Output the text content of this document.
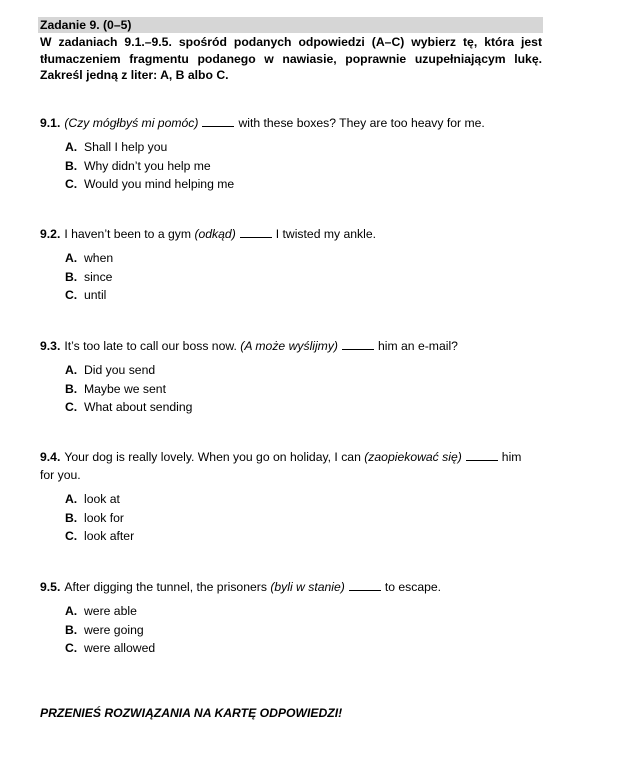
Zadanie 9. (0–5)
W zadaniach 9.1.–9.5. spośród podanych odpowiedzi (A–C) wybierz tę, która jest tłumaczeniem fragmentu podanego w nawiasie, poprawnie uzupełniającym lukę. Zakreśl jedną z liter: A, B albo C.
9.1. (Czy mógłbyś mi pomóc)	with these boxes? They are too heavy for me.
A. Shall I help you
B. Why didn’t you help me
C. Would you mind helping me
9.2. I haven’t been to a gym (odkąd)	I twisted my ankle.
A. when
B. since
C. until
9.3. It’s too late to call our boss now. (A może wyślijmy)	him an e-mail?
A. Did you send
B. Maybe we sent
C. What about sending
9.4. Your dog is really lovely. When you go on holiday, I can (zaopiekować się)	him for you.
A. look at
B. look for
C. look after
9.5. After digging the tunnel, the prisoners (byli w stanie)	to escape.
A. were able
B. were going
C. were allowed
PRZENIEŚ ROZWIĄZANIA NA KARTĘ ODPOWIEDZI!
